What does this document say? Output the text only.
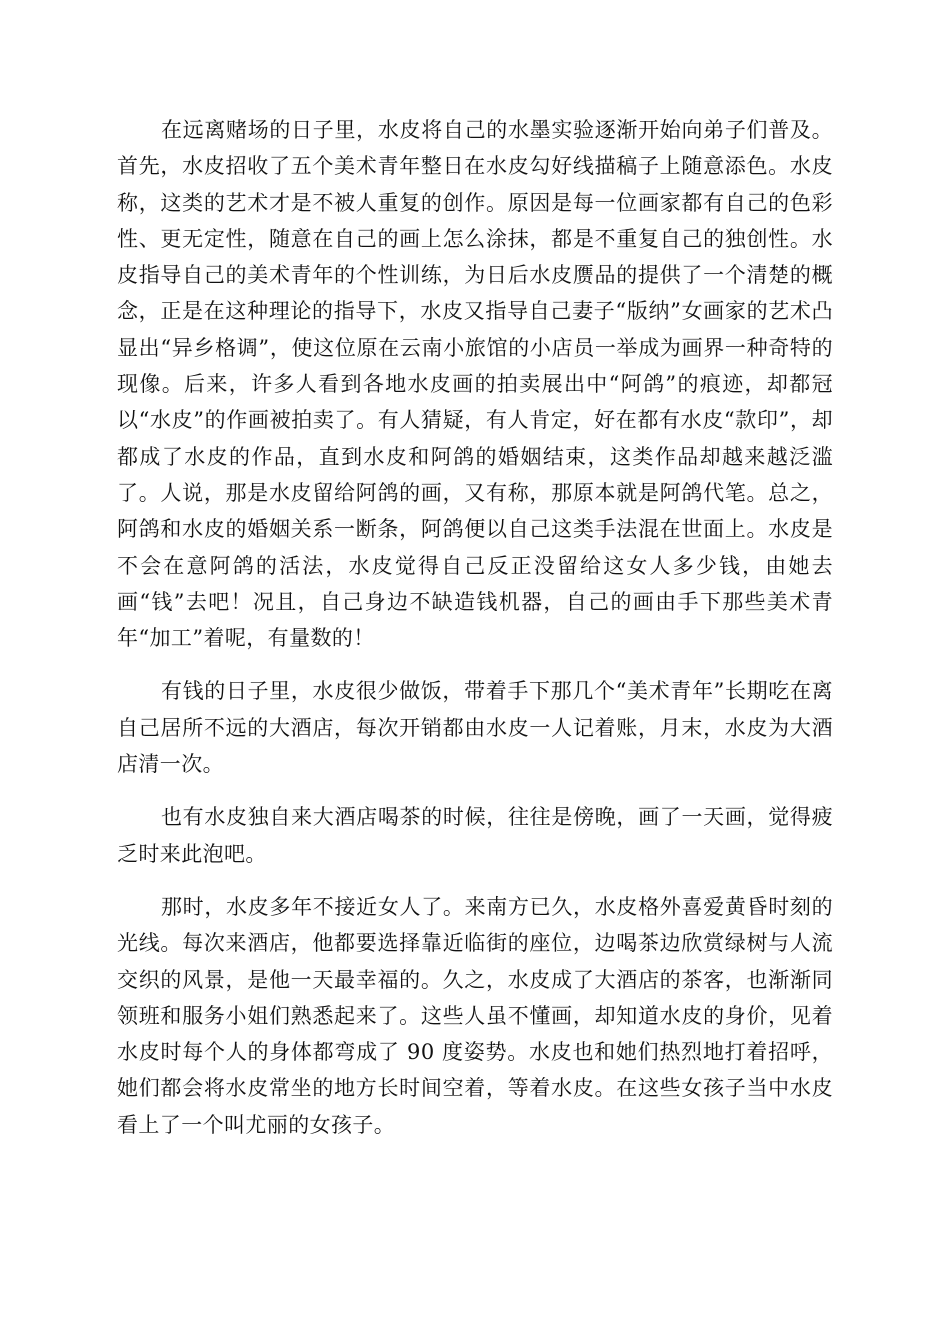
在远离赌场的日子里，水皮将自己的水墨实验逐渐开始向弟子们普及。首先，水皮招收了五个美术青年整日在水皮勾好线描稿子上随意添色。水皮称，这类的艺术才是不被人重复的创作。原因是每一位画家都有自己的色彩性、更无定性，随意在自己的画上怎么涂抹，都是不重复自己的独创性。水皮指导自己的美术青年的个性训练，为日后水皮赝品的提供了一个清楚的概念，正是在这种理论的指导下，水皮又指导自己妻子“版纳”女画家的艺术凸显出“异乡格调”，使这位原在云南小旅馆的小店员一举成为画界一种奇特的现像。后来，许多人看到各地水皮画的拍卖展出中“阿鸽”的痕迹，却都冠以“水皮”的作画被拍卖了。有人猜疑，有人肯定，好在都有水皮“款印”，却都成了水皮的作品，直到水皮和阿鸽的婚姻结束，这类作品却越来越泛滥了。人说，那是水皮留给阿鸽的画，又有称，那原本就是阿鸽代笔。总之，阿鸽和水皮的婚姻关系一断条，阿鸽便以自己这类手法混在世面上。水皮是不会在意阿鸽的活法，水皮觉得自己反正没留给这女人多少钱，由她去画“钱”去吧！况且，自己身边不缺造钱机器，自己的画由手下那些美术青年“加工”着呢，有量数的！

有钱的日子里，水皮很少做饭，带着手下那几个“美术青年”长期吃在离自己居所不远的大酒店，每次开销都由水皮一人记着账，月末，水皮为大酒店清一次。

也有水皮独自来大酒店喝茶的时候，往往是傍晚，画了一天画，觉得疲乏时来此泡吧。

那时，水皮多年不接近女人了。来南方已久，水皮格外喜爱黄昏时刻的光线。每次来酒店，他都要选择靠近临街的座位，边喝茶边欣赏绿树与人流交织的风景，是他一天最幸福的。久之，水皮成了大酒店的茶客，也渐渐同领班和服务小姐们熟悉起来了。这些人虽不懂画，却知道水皮的身价，见着水皮时每个人的身体都弯成了 90 度姿势。水皮也和她们热烈地打着招呼，她们都会将水皮常坐的地方长时间空着，等着水皮。在这些女孩子当中水皮看上了一个叫尤丽的女孩子。
